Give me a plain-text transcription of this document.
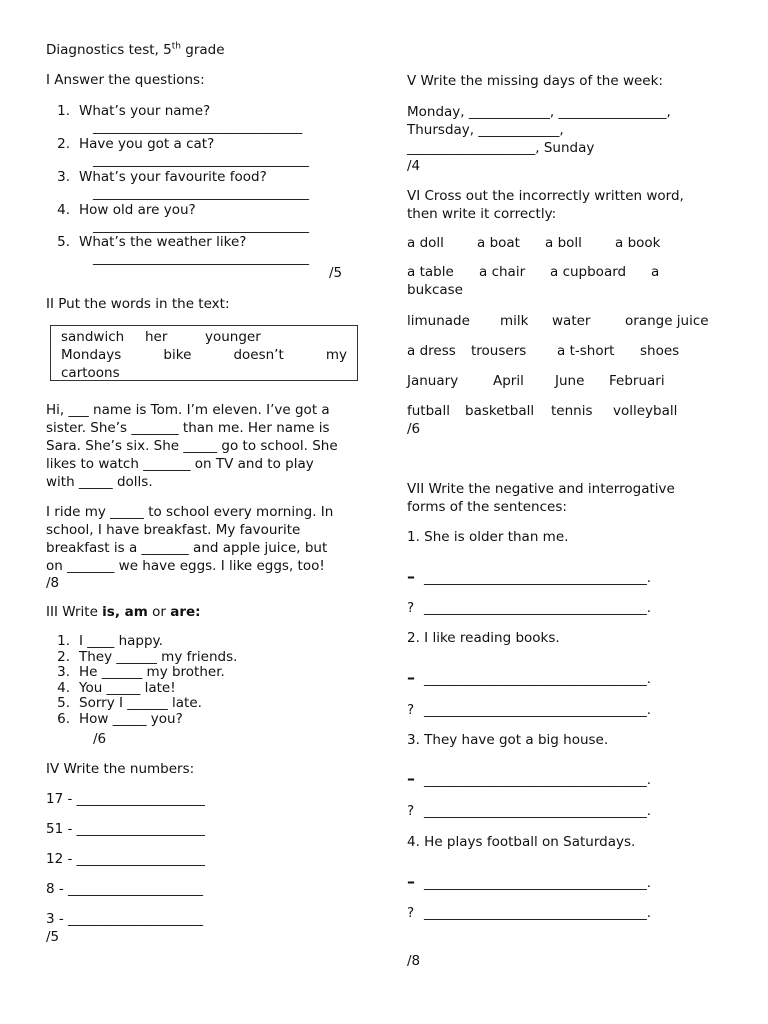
Diagnostics test, 5th grade
I Answer the questions:
1. What’s your name?
_______________________________
2. Have you got a cat?
________________________________
3. What’s your favourite food?
________________________________
4. How old are you?
________________________________
5. What’s the weather like?
________________________________
/5
II Put the words in the text:
sandwich	her	younger
Mondays	bike	doesn’t	my
cartoons
Hi, ___ name is Tom. I’m eleven. I’ve got a
sister. She’s _______ than me. Her name is
Sara. She’s six. She _____ go to school. She
likes to watch _______ on TV and to play
with _____ dolls.
I ride my _____ to school every morning. In
school, I have breakfast. My favourite
breakfast is a _______ and apple juice, but
on _______ we have eggs. I like eggs, too!
/8
III Write is, am or are:
1. I ____ happy.
2. They ______ my friends.
3. He ______ my brother.
4. You _____ late!
5. Sorry I ______ late.
6. How _____ you?
/6
IV Write the numbers:
17 - ___________________
51 - ___________________
12 - ___________________
8 - ____________________
3 - ____________________
/5
V Write the missing days of the week:
Monday, ____________, ________________,
Thursday, ____________,
___________________, Sunday
/4
VI Cross out the incorrectly written word,
then write it correctly:
a doll a boat a boll a book
a table a chair a cupboard a
bukcase
limunade milk water	orange juice
a dress trousers a t-short shoes
January	April June Februari
futball basketball tennis volleyball
/6
VII Write the negative and interrogative
forms of the sentences:
1. She is older than me.
– _________________________________.
? _________________________________.
2. I like reading books.
– _________________________________.
? _________________________________.
3. They have got a big house.
– _________________________________.
? _________________________________.
4. He plays football on Saturdays.
– _________________________________.
? _________________________________.
/8
